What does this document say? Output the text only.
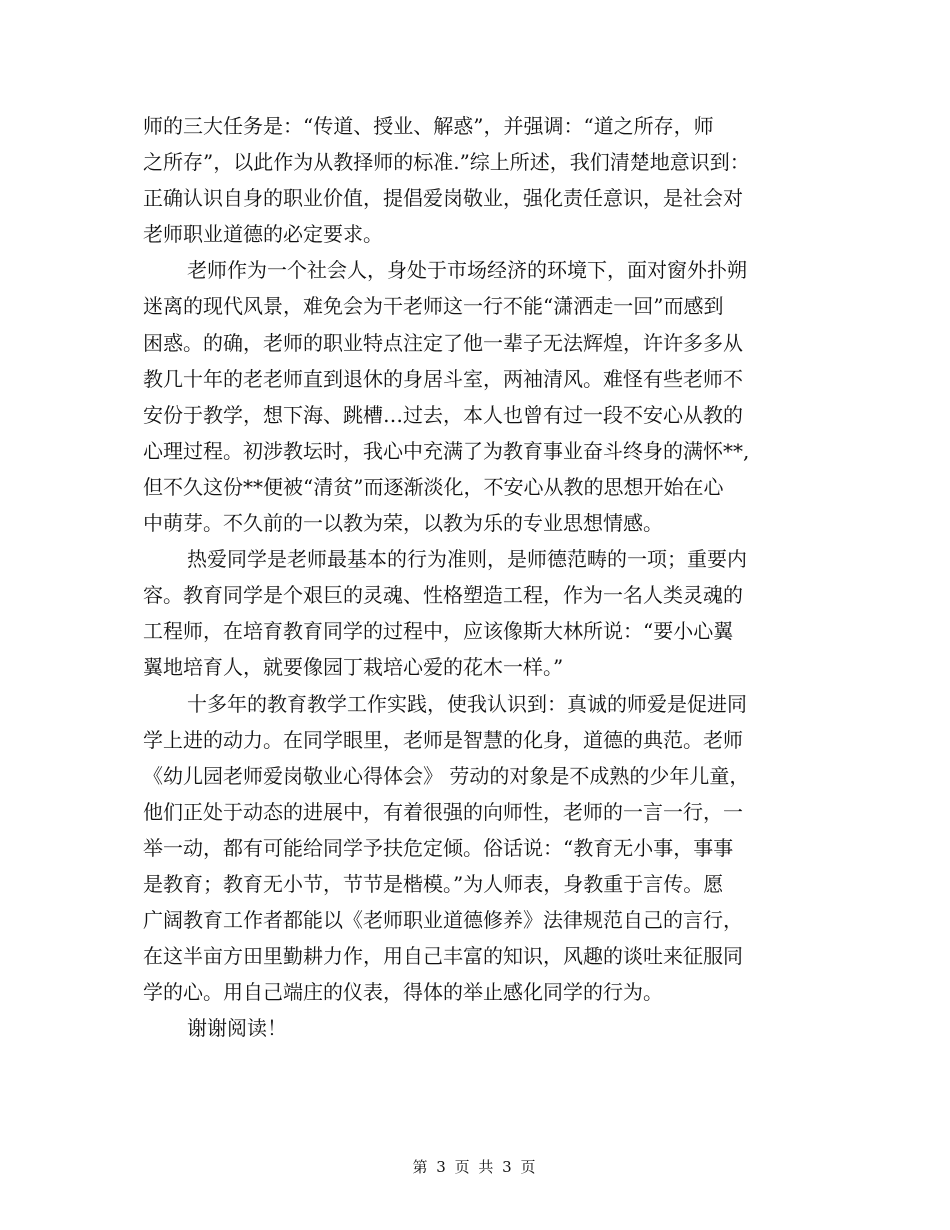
师的三大任务是：“传道、授业、解惑”，并强调：“道之所存，师
之所存”，以此作为从教择师的标准.”综上所述，我们清楚地意识到：
正确认识自身的职业价值，提倡爱岗敬业，强化责任意识，是社会对
老师职业道德的必定要求。
老师作为一个社会人，身处于市场经济的环境下，面对窗外扑朔
迷离的现代风景，难免会为干老师这一行不能“潇洒走一回”而感到
困惑。的确，老师的职业特点注定了他一辈子无法辉煌，许许多多从
教几十年的老老师直到退休的身居斗室，两袖清风。难怪有些老师不
安份于教学，想下海、跳槽…过去，本人也曾有过一段不安心从教的
心理过程。初涉教坛时，我心中充满了为教育事业奋斗终身的满怀**,
但不久这份**便被“清贫”而逐渐淡化，不安心从教的思想开始在心
中萌芽。不久前的一以教为荣，以教为乐的专业思想情感。
热爱同学是老师最基本的行为准则，是师德范畴的一项；重要内
容。教育同学是个艰巨的灵魂、性格塑造工程，作为一名人类灵魂的
工程师，在培育教育同学的过程中，应该像斯大林所说：“要小心翼
翼地培育人，就要像园丁栽培心爱的花木一样。”
十多年的教育教学工作实践，使我认识到：真诚的师爱是促进同
学上进的动力。在同学眼里，老师是智慧的化身，道德的典范。老师
《幼儿园老师爱岗敬业心得体会》 劳动的对象是不成熟的少年儿童，
他们正处于动态的进展中，有着很强的向师性，老师的一言一行，一
举一动，都有可能给同学予扶危定倾。俗话说：“教育无小事，事事
是教育；教育无小节，节节是楷模。”为人师表，身教重于言传。愿
广阔教育工作者都能以《老师职业道德修养》法律规范自己的言行，
在这半亩方田里勤耕力作，用自己丰富的知识，风趣的谈吐来征服同
学的心。用自己端庄的仪表，得体的举止感化同学的行为。
谢谢阅读！
第 3 页 共 3 页
